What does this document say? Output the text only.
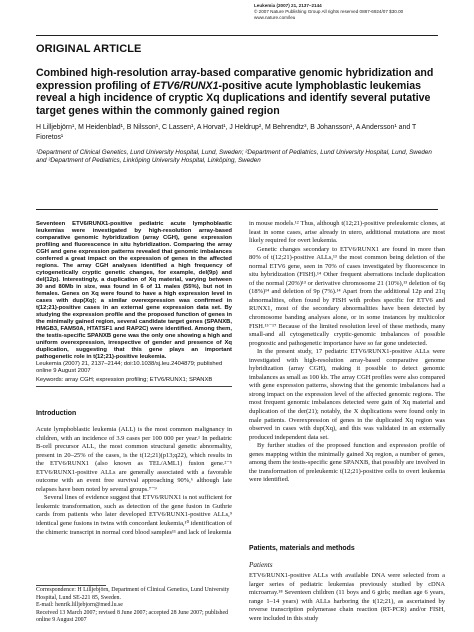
Leukemia (2007) 21, 2137–2144
© 2007 Nature Publishing Group All rights reserved 0887-6924/07 $30.00
www.nature.com/leu
ORIGINAL ARTICLE
Combined high-resolution array-based comparative genomic hybridization and expression profiling of ETV6/RUNX1-positive acute lymphoblastic leukemias reveal a high incidence of cryptic Xq duplications and identify several putative target genes within the commonly gained region
H Lilljebjörn¹, M Heidenblad¹, B Nilsson¹, C Lassen¹, A Horvat¹, J Heldrup², M Behrendtz³, B Johansson¹, A Andersson¹ and T Fioretos¹
¹Department of Clinical Genetics, Lund University Hospital, Lund, Sweden; ²Department of Pediatrics, Lund University Hospital, Lund, Sweden and ³Department of Pediatrics, Linköping University Hospital, Linköping, Sweden
Seventeen ETV6/RUNX1-positive pediatric acute lymphoblastic leukemias were investigated by high-resolution array-based comparative genomic hybridization (array CGH), gene expression profiling and fluorescence in situ hybridization. Comparing the array CGH and gene expression patterns revealed that genomic imbalances conferred a great impact on the expression of genes in the affected regions. The array CGH analyses identified a high frequency of cytogenetically cryptic genetic changes, for example, del(9p) and del(12p). Interestingly, a duplication of Xq material, varying between 30 and 80Mb in size, was found in 6 of 11 males (55%), but not in females. Genes on Xq were found to have a high expression level in cases with dup(Xq); a similar overexpression was confirmed in t(12;21)-positive cases in an external gene expression data set. By studying the expression profile and the proposed function of genes in the minimally gained region, several candidate target genes (SPANXB, HMGB3, FAM50A, HTATSF1 and RAP2C) were identified. Among them, the testis-specific SPANXB gene was the only one showing a high and uniform overexpression, irrespective of gender and presence of Xq duplication, suggesting that this gene plays an important pathogenetic role in t(12;21)-positive leukemia.
Leukemia (2007) 21, 2137–2144; doi:10.1038/sj.leu.2404879; published online 9 August 2007
Keywords: array CGH; expression profiling; ETV6/RUNX1; SPANXB
Introduction

Acute lymphoblastic leukemia (ALL) is the most common malignancy in children, with an incidence of 3.9 cases per 100 000 per year.¹ In pediatric B-cell precursor ALL, the most common structural genetic abnormality, present in 20–25% of the cases, is the t(12;21)(p13;q22), which results in the ETV6/RUNX1 (also known as TEL/AML1) fusion gene.²⁻⁵ ETV6/RUNX1-positive ALLs are generally associated with a favorable outcome with an event free survival approaching 90%,⁶ although late relapses have been noted by several groups.⁷⁻⁹

Several lines of evidence suggest that ETV6/RUNX1 is not sufficient for leukemic transformation, such as detection of the gene fusion in Guthrie cards from patients who later developed ETV6/RUNX1-positive ALLs,⁹ identical gene fusions in twins with concordant leukemia,¹⁰ identification of the chimeric transcript in normal cord blood samples¹¹ and lack of leukemia

Correspondence: H Lilljebjörn, Department of Clinical Genetics, Lund University Hospital, Lund SE-221 85, Sweden.
E-mail: henrik.lilljebjorn@med.lu.se
Received 13 March 2007; revised 8 June 2007; accepted 28 June 2007; published online 9 August 2007

in mouse models.¹² Thus, although t(12;21)-positive preleukemic clones, at least in some cases, arise already in utero, additional mutations are most likely required for overt leukemia.

Genetic changes secondary to ETV6/RUNX1 are found in more than 80% of t(12;21)-positive ALLs,¹³ the most common being deletion of the normal ETV6 gene, seen in 70% of cases investigated by fluorescence in situ hybridization (FISH).¹⁴ Other frequent aberrations include duplication of the normal (20%)¹³ or derivative chromosome 21 (10%),¹³ deletion of 6q (18%)¹⁴ and deletion of 9p (7%).¹⁴ Apart from the additional 12p and 21q abnormalities, often found by FISH with probes specific for ETV6 and RUNX1, most of the secondary abnormalities have been detected by chromosome banding analyses alone, or in some instances by multicolor FISH.¹⁵⁻¹⁷ Because of the limited resolution level of these methods, many small-and all cytogenetically cryptic-genomic imbalances of possible prognostic and pathogenetic importance have so far gone undetected.

In the present study, 17 pediatric ETV6/RUNX1-positive ALLs were investigated with high-resolution array-based comparative genome hybridization (array CGH), making it possible to detect genomic imbalances as small as 100 kb. The array CGH profiles were also compared with gene expression patterns, showing that the genomic imbalances had a strong impact on the expression level of the affected genomic regions. The most frequent genomic imbalances detected were gain of Xq material and duplication of the der(21); notably, the X duplications were found only in male patients. Overexpression of genes in the duplicated Xq region was observed in cases with dup(Xq), and this was validated in an externally produced independent data set.

By further studies of the proposed function and expression profile of genes mapping within the minimally gained Xq region, a number of genes, among them the testis-specific gene SPANXB, that possibly are involved in the transformation of preleukemic t(12;21)-positive cells to overt leukemia were identified.

Patients, materials and methods
Patients

ETV6/RUNX1-positive ALLs with available DNA were selected from a larger series of pediatric leukemias previously studied by cDNA microarray.¹⁸ Seventeen children (11 boys and 6 girls; median age 6 years, range 1–14 years) with ALLs harboring the t(12;21), as ascertained by reverse transcription polymerase chain reaction (RT-PCR) and/or FISH, were included in this study
